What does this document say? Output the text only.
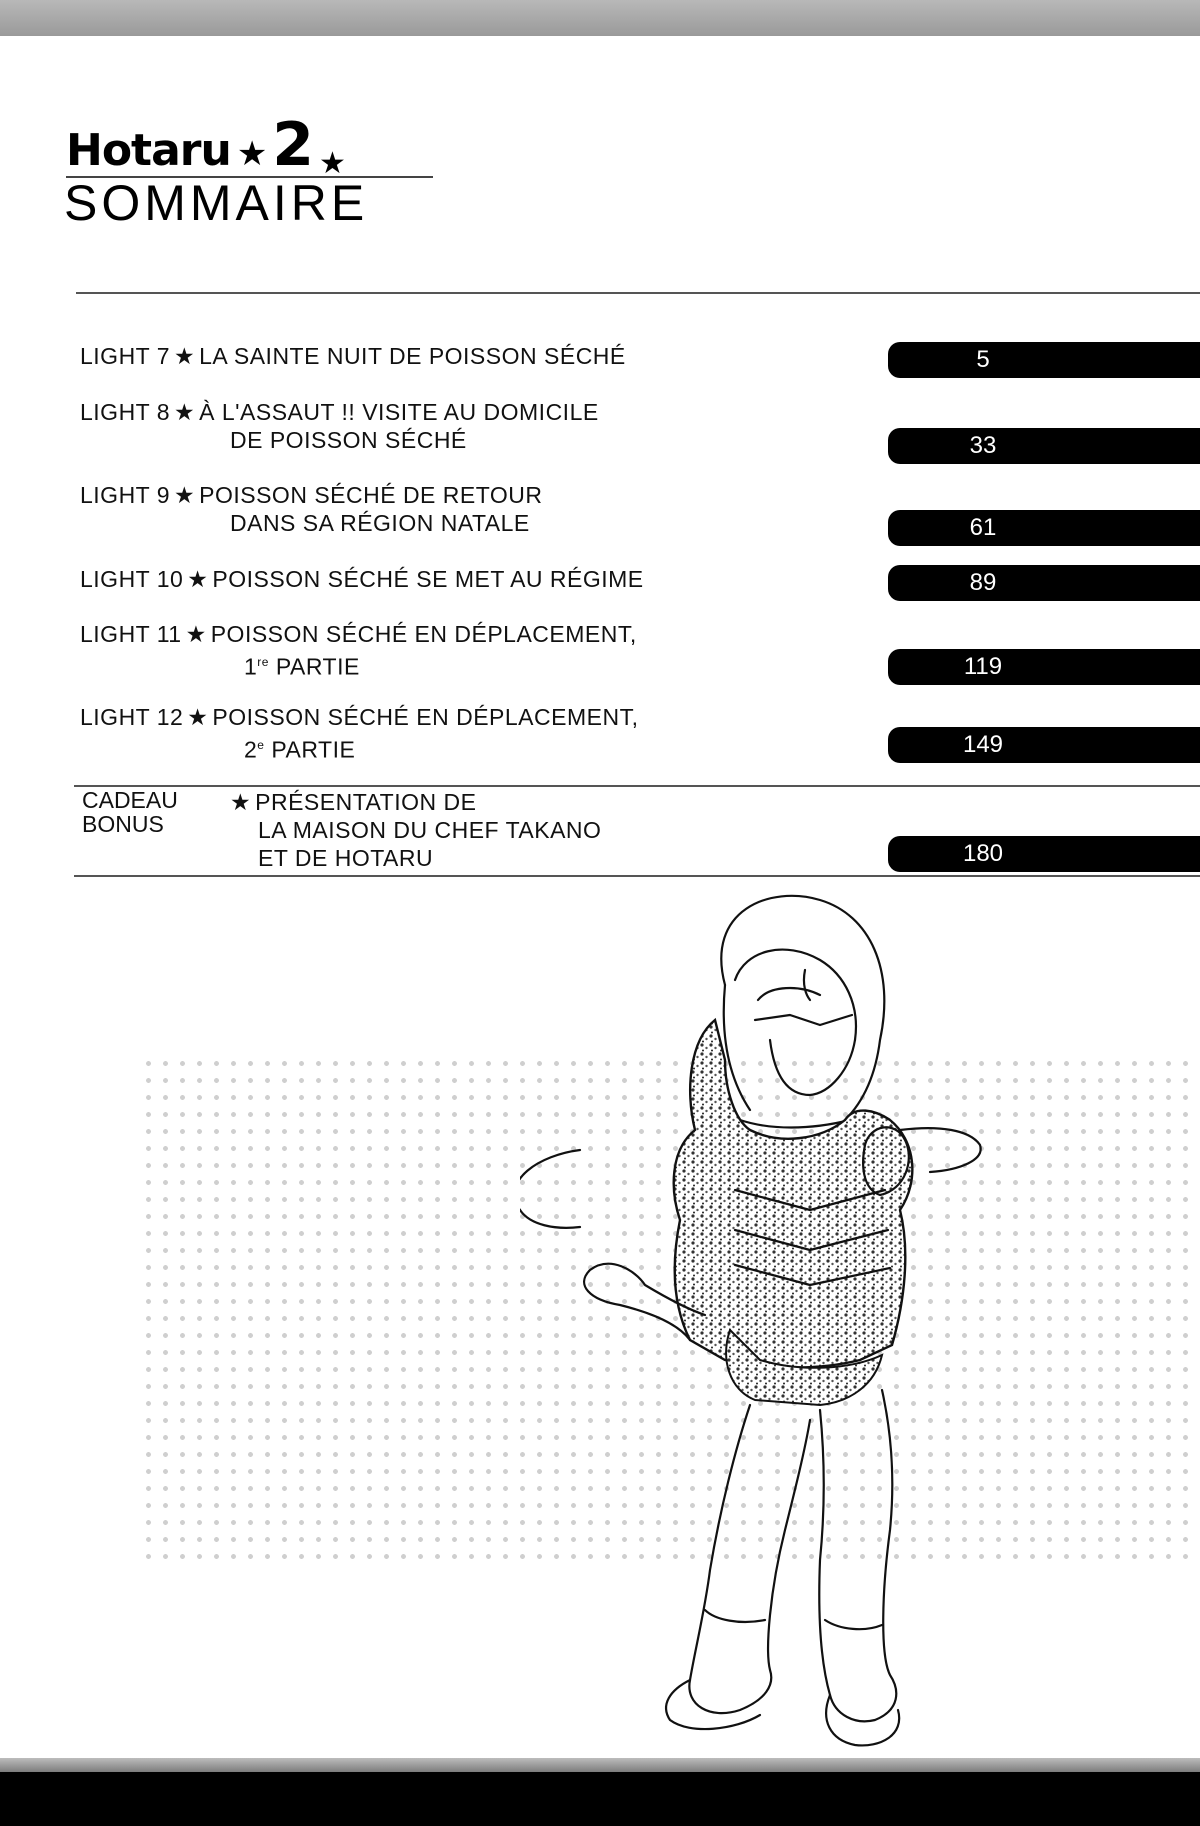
Hotaru ★ 2 ★
SOMMAIRE
LIGHT 7 ★ LA SAINTE NUIT DE POISSON SÉCHÉ	5
LIGHT 8 ★ À L'ASSAUT !! VISITE AU DOMICILE
DE POISSON SÉCHÉ	33
LIGHT 9 ★ POISSON SÉCHÉ DE RETOUR
DANS SA RÉGION NATALE	61
LIGHT 10 ★ POISSON SÉCHÉ SE MET AU RÉGIME	89
LIGHT 11 ★ POISSON SÉCHÉ EN DÉPLACEMENT,
1re PARTIE	119
LIGHT 12 ★ POISSON SÉCHÉ EN DÉPLACEMENT,
2e PARTIE	149
CADEAU
BONUS
★ PRÉSENTATION DE
LA MAISON DU CHEF TAKANO
ET DE HOTARU	180
